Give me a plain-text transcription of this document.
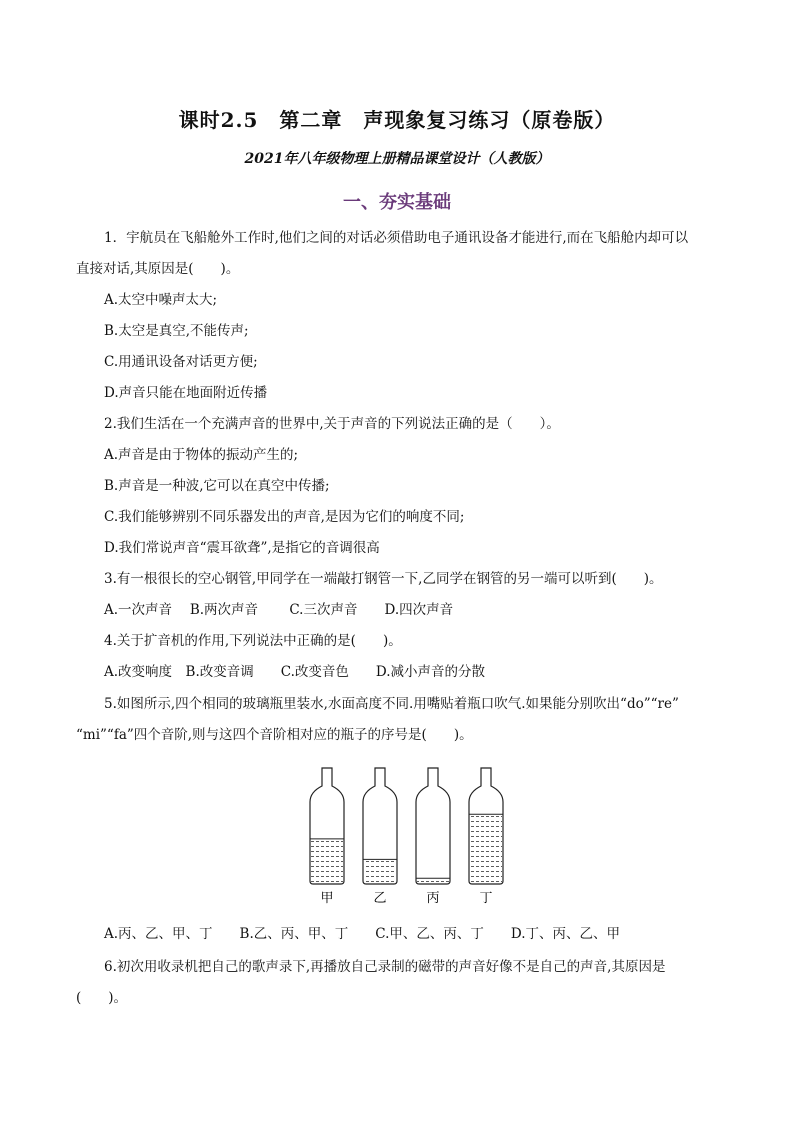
课时2.5　第二章　声现象复习练习（原卷版）
2021年八年级物理上册精品课堂设计（人教版）
一、夯实基础
1．宇航员在飞船舱外工作时,他们之间的对话必须借助电子通讯设备才能进行,而在飞船舱内却可以
直接对话,其原因是(　　)。
A.太空中噪声太大;
B.太空是真空,不能传声;
C.用通讯设备对话更方便;
D.声音只能在地面附近传播
2.我们生活在一个充满声音的世界中,关于声音的下列说法正确的是（　　）。
A.声音是由于物体的振动产生的;
B.声音是一种波,它可以在真空中传播;
C.我们能够辨别不同乐器发出的声音,是因为它们的响度不同;
D.我们常说声音“震耳欲聋”,是指它的音调很高
3.有一根很长的空心钢管,甲同学在一端敲打钢管一下,乙同学在钢管的另一端可以听到(　　)。
A.一次声音　 B.两次声音　　 C.三次声音　　D.四次声音
4.关于扩音机的作用,下列说法中正确的是(　　)。
A.改变响度　B.改变音调　　C.改变音色　　D.减小声音的分散
5.如图所示,四个相同的玻璃瓶里装水,水面高度不同.用嘴贴着瓶口吹气.如果能分别吹出“do”“re”
“mi”“fa”四个音阶,则与这四个音阶相对应的瓶子的序号是(　　)。
甲	乙	丙	丁
A.丙、乙、甲、丁　　B.乙、丙、甲、丁　　C.甲、乙、丙、丁　　D.丁、丙、乙、甲
6.初次用收录机把自己的歌声录下,再播放自己录制的磁带的声音好像不是自己的声音,其原因是
(　　)。
